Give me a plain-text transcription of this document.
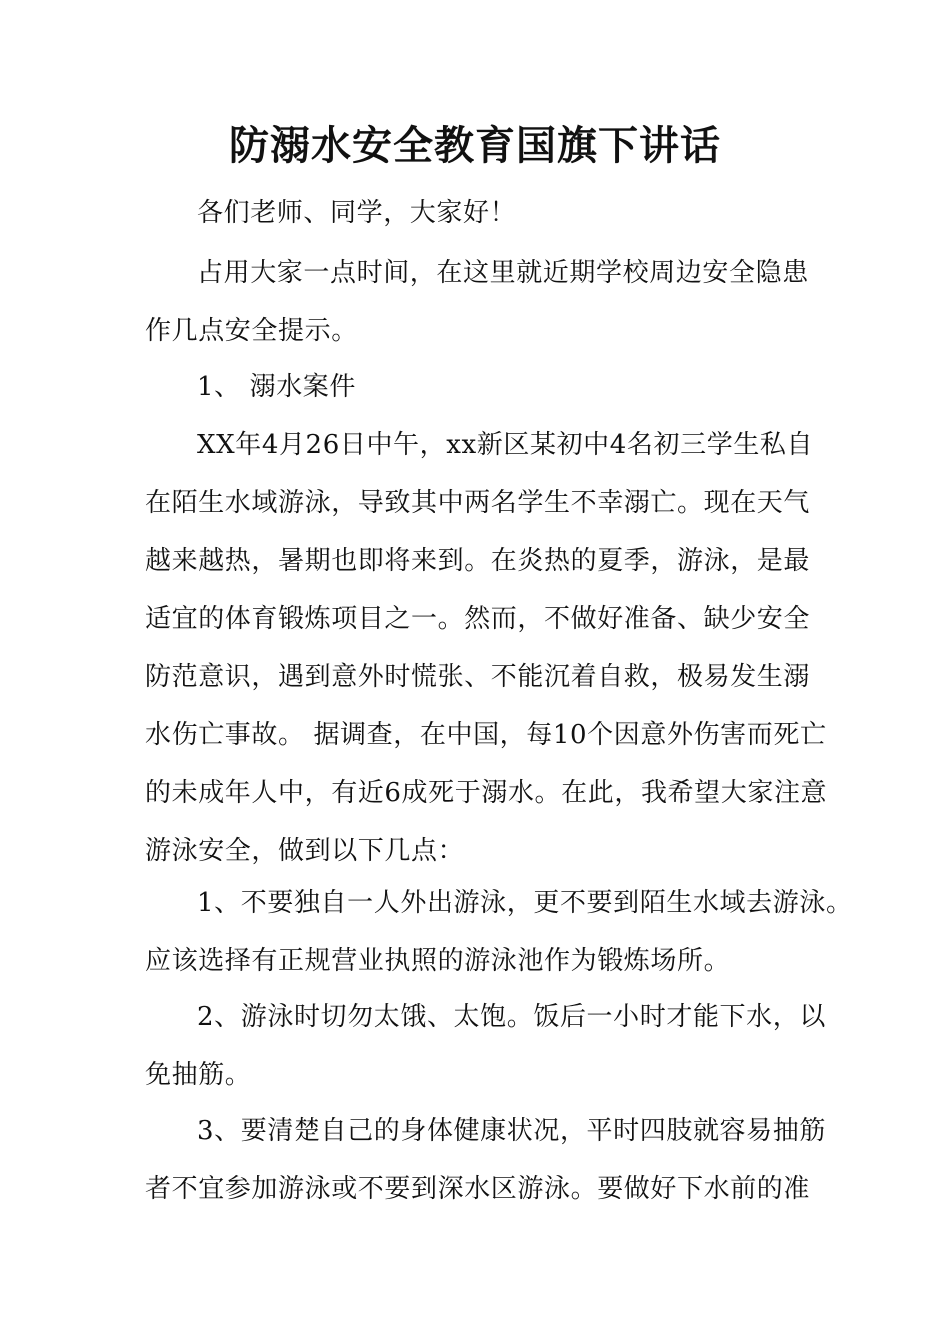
防溺水安全教育国旗下讲话

各们老师、同学，大家好！

占用大家一点时间，在这里就近期学校周边安全隐患
作几点安全提示。

1、 溺水案件

XX年4月26日中午，xx新区某初中4名初三学生私自
在陌生水域游泳，导致其中两名学生不幸溺亡。现在天气
越来越热，暑期也即将来到。在炎热的夏季，游泳，是最
适宜的体育锻炼项目之一。然而，不做好准备、缺少安全
防范意识，遇到意外时慌张、不能沉着自救，极易发生溺
水伤亡事故。 据调查，在中国，每10个因意外伤害而死亡
的未成年人中，有近6成死于溺水。在此，我希望大家注意
游泳安全，做到以下几点：

1、不要独自一人外出游泳，更不要到陌生水域去游泳。
应该选择有正规营业执照的游泳池作为锻炼场所。

2、游泳时切勿太饿、太饱。饭后一小时才能下水，以
免抽筋。

3、要清楚自己的身体健康状况，平时四肢就容易抽筋
者不宜参加游泳或不要到深水区游泳。要做好下水前的准
